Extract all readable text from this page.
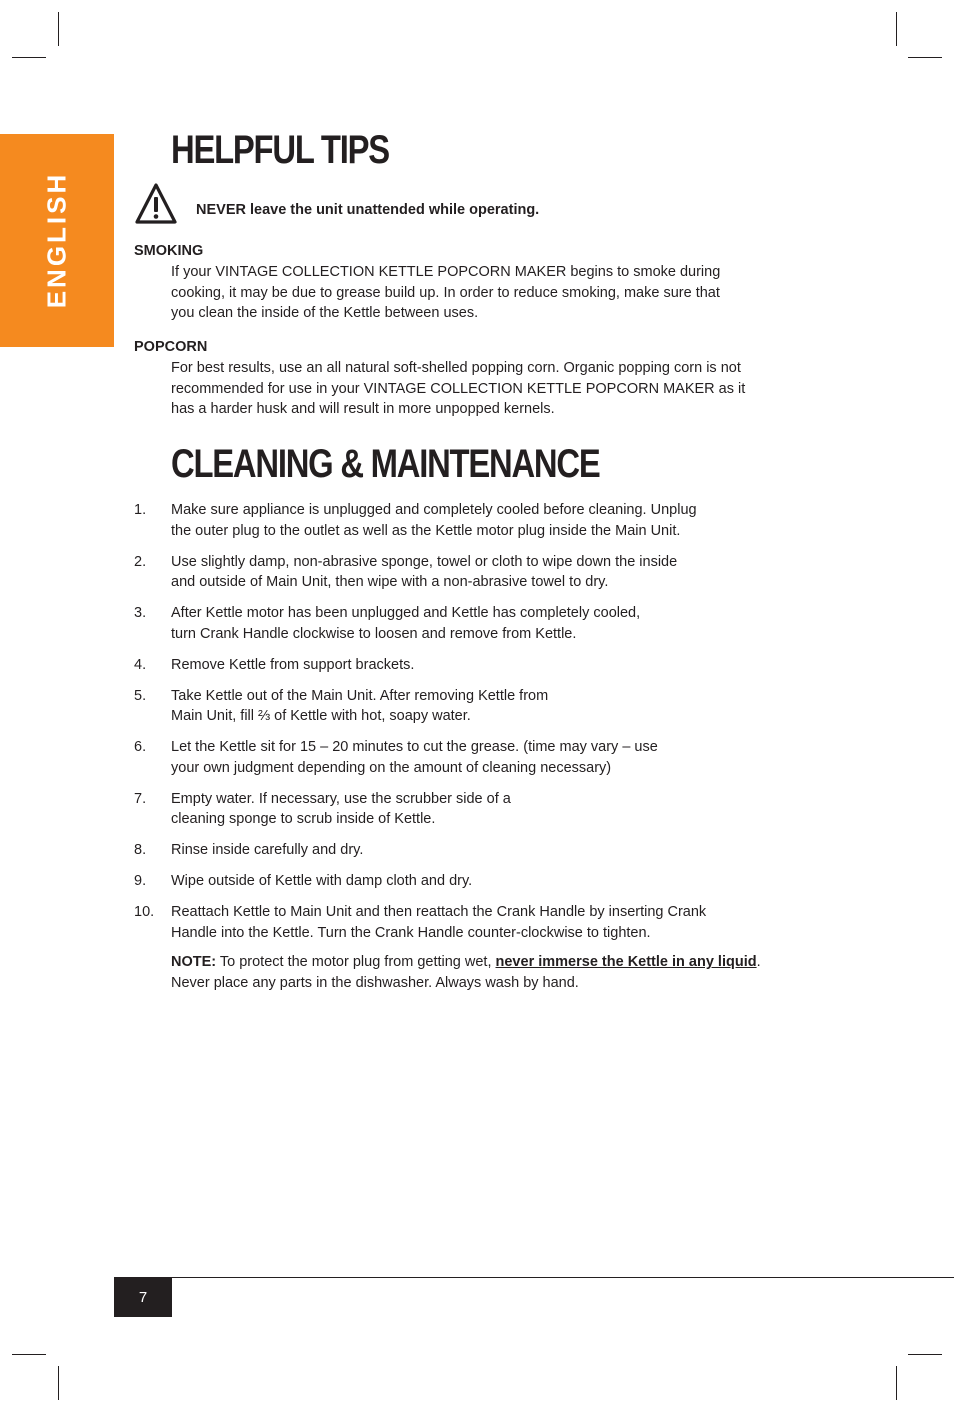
ENGLISH
HELPFUL TIPS
NEVER leave the unit unattended while operating.
SMOKING
If your VINTAGE COLLECTION KETTLE POPCORN MAKER begins to smoke during cooking, it may be due to grease build up. In order to reduce smoking, make sure that you clean the inside of the Kettle between uses.
POPCORN
For best results, use an all natural soft-shelled popping corn. Organic popping corn is not recommended for use in your VINTAGE COLLECTION KETTLE POPCORN MAKER as it has a harder husk and will result in more unpopped kernels.
CLEANING & MAINTENANCE
1. Make sure appliance is unplugged and completely cooled before cleaning. Unplug
the outer plug to the outlet as well as the Kettle motor plug inside the Main Unit.
2. Use slightly damp, non-abrasive sponge, towel or cloth to wipe down the inside
and outside of Main Unit, then wipe with a non-abrasive towel to dry.
3. After Kettle motor has been unplugged and Kettle has completely cooled,
turn Crank Handle clockwise to loosen and remove from Kettle.
4. Remove Kettle from support brackets.
5. Take Kettle out of the Main Unit. After removing Kettle from
Main Unit, fill ⅔ of Kettle with hot, soapy water.
6. Let the Kettle sit for 15 – 20 minutes to cut the grease. (time may vary – use
your own judgment depending on the amount of cleaning necessary)
7. Empty water. If necessary, use the scrubber side of a
cleaning sponge to scrub inside of Kettle.
8. Rinse inside carefully and dry.
9. Wipe outside of Kettle with damp cloth and dry.
10. Reattach Kettle to Main Unit and then reattach the Crank Handle by inserting Crank
Handle into the Kettle. Turn the Crank Handle counter-clockwise to tighten.
NOTE: To protect the motor plug from getting wet, never immerse the Kettle in any liquid. Never place any parts in the dishwasher. Always wash by hand.
7
